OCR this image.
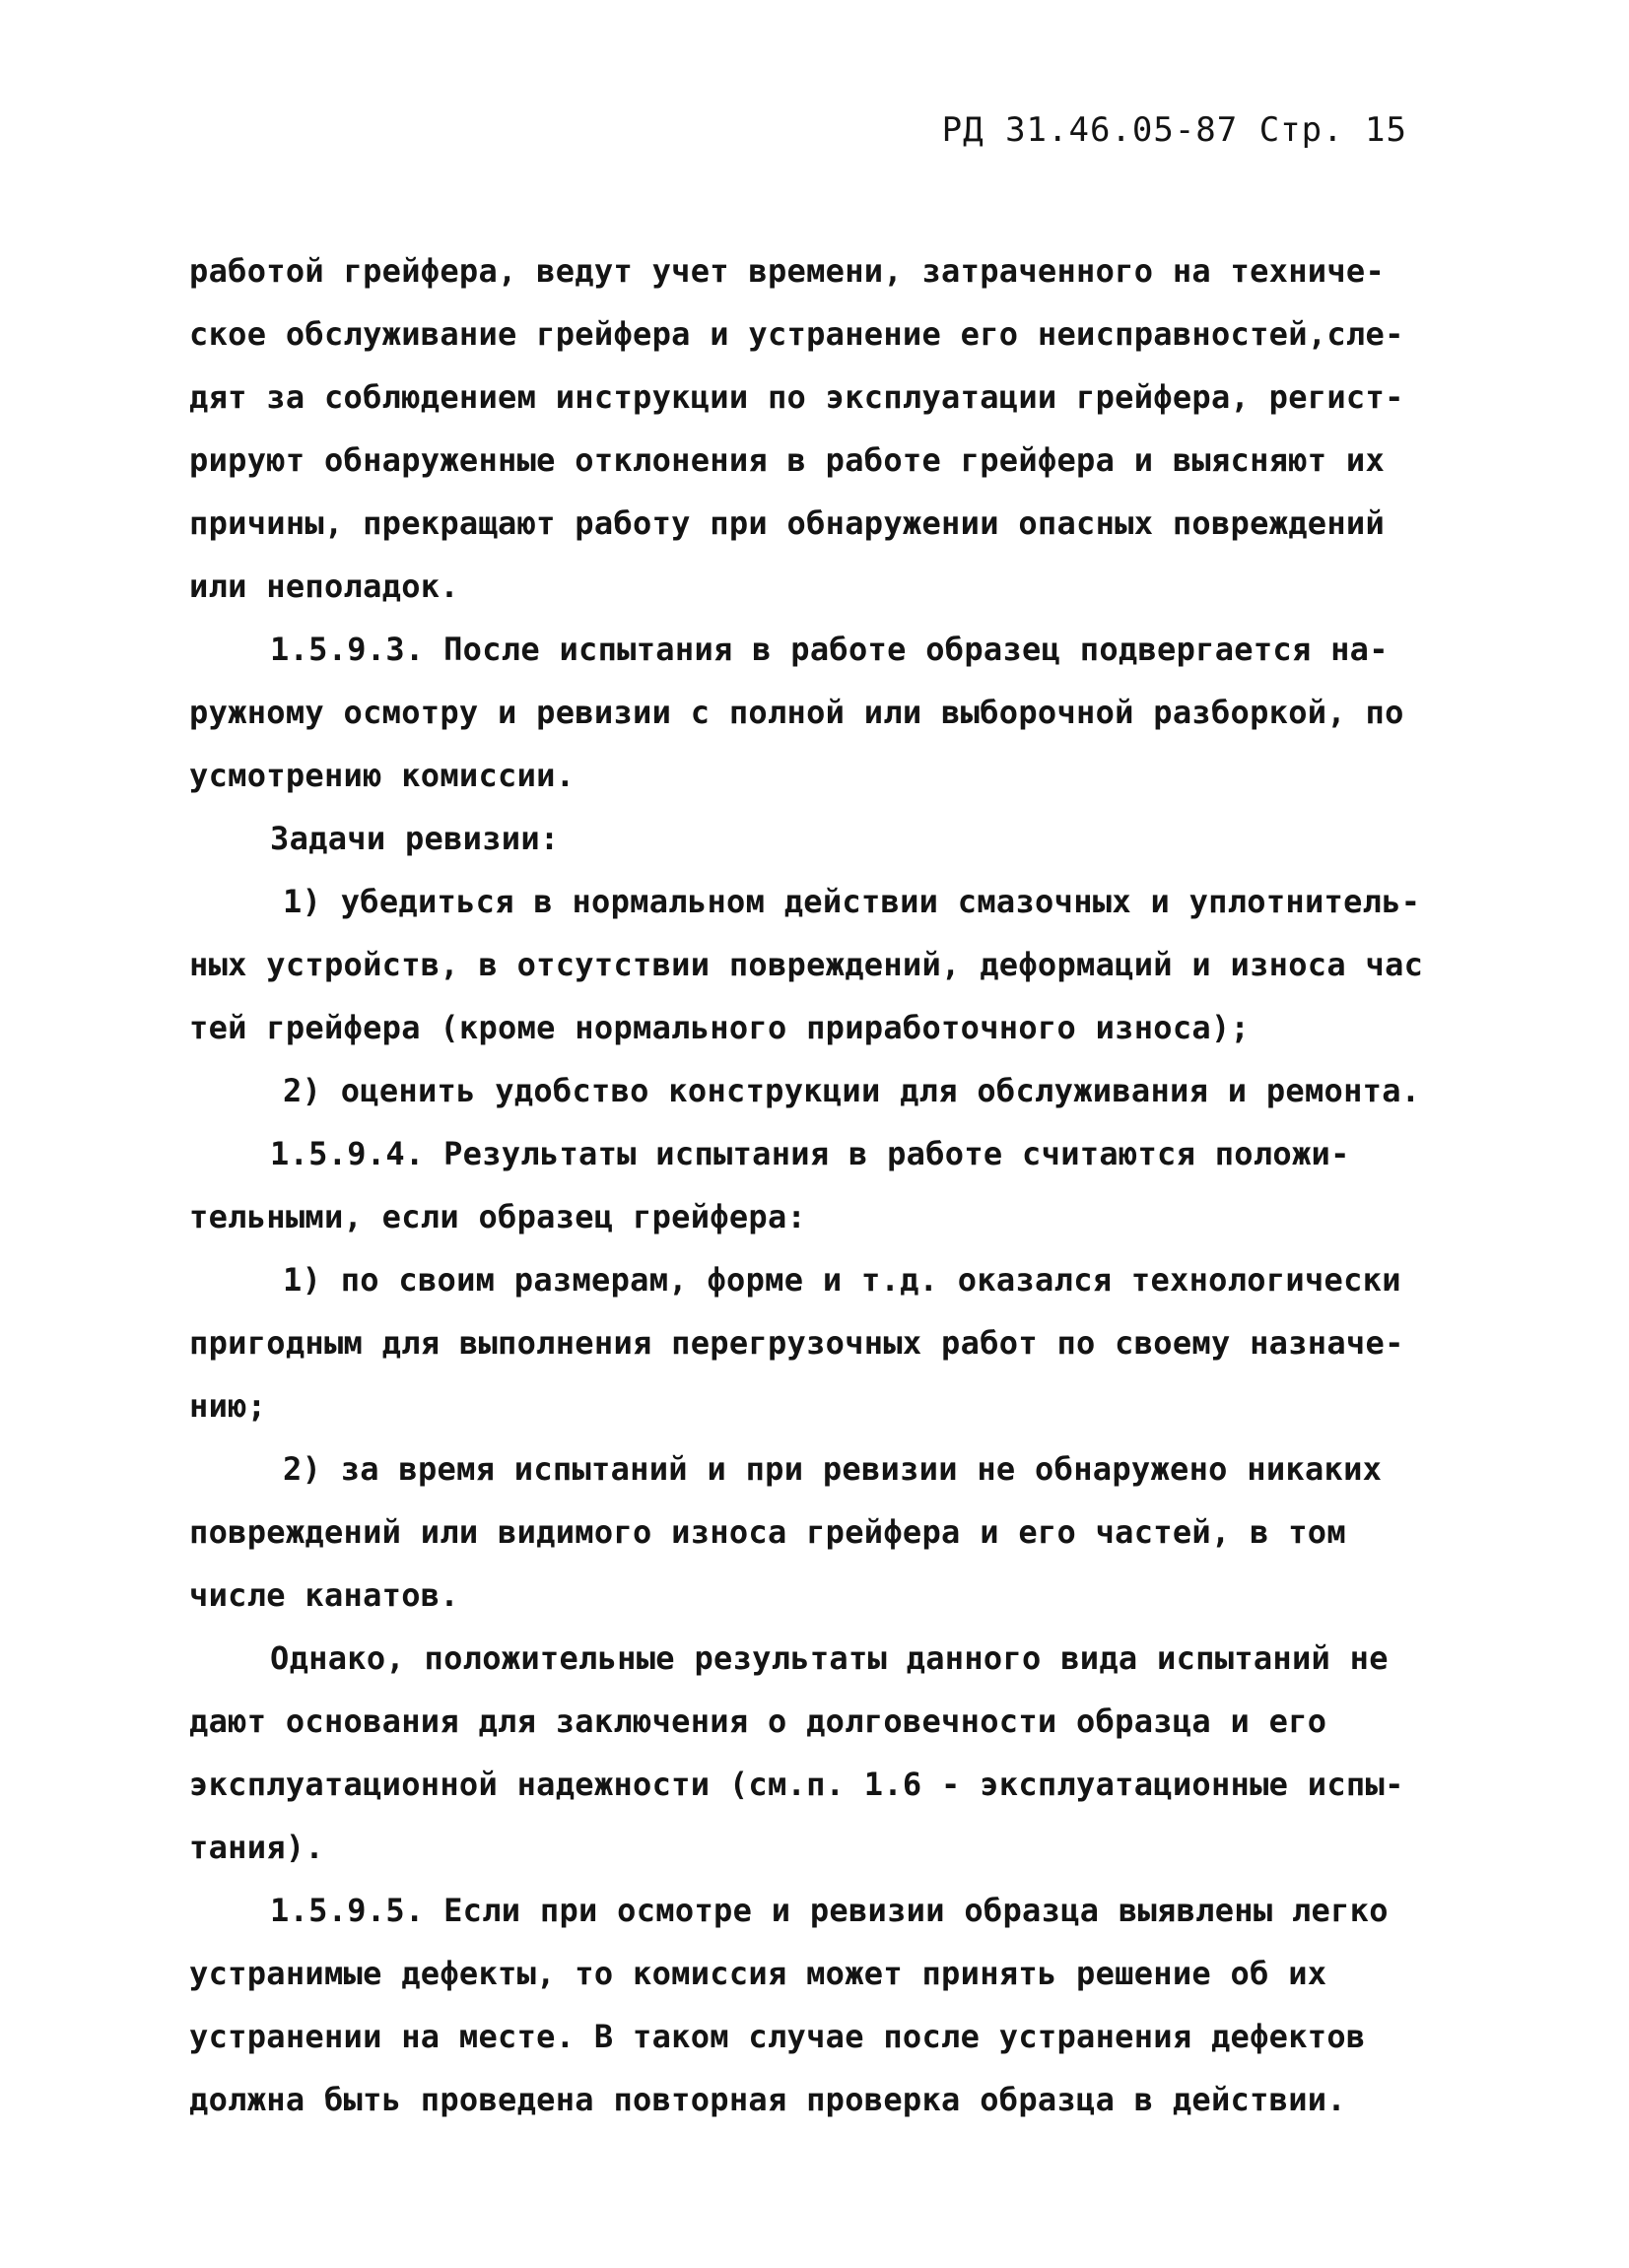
РД 31.46.05-87 Стр. 15
работой грейфера, ведут учет времени, затраченного на техниче-
ское обслуживание грейфера и устранение его неисправностей,сле-
дят за соблюдением инструкции по эксплуатации грейфера, регист-
рируют обнаруженные отклонения в работе грейфера и выясняют их
причины, прекращают работу при обнаружении опасных повреждений
или неполадок.
1.5.9.3. После испытания в работе образец подвергается на-
ружному осмотру и ревизии с полной или выборочной разборкой, по
усмотрению комиссии.
Задачи ревизии:
1) убедиться в нормальном действии смазочных и уплотнитель-
ных устройств, в отсутствии повреждений, деформаций и износа час
тей грейфера (кроме нормального приработочного износа);
2) оценить удобство конструкции для обслуживания и ремонта.
1.5.9.4. Результаты испытания в работе считаются положи-
тельными, если образец грейфера:
1) по своим размерам, форме и т.д. оказался технологически
пригодным для выполнения перегрузочных работ по своему назначе-
нию;
2) за время испытаний и при ревизии не обнаружено никаких
повреждений или видимого износа грейфера и его частей, в том
числе канатов.
Однако, положительные результаты данного вида испытаний не
дают основания для заключения о долговечности образца и его
эксплуатационной надежности (см.п. 1.6 - эксплуатационные испы-
тания).
1.5.9.5. Если при осмотре и ревизии образца выявлены легко
устранимые дефекты, то комиссия может принять решение об их
устранении на месте. В таком случае после устранения дефектов
должна быть проведена повторная проверка образца в действии.
